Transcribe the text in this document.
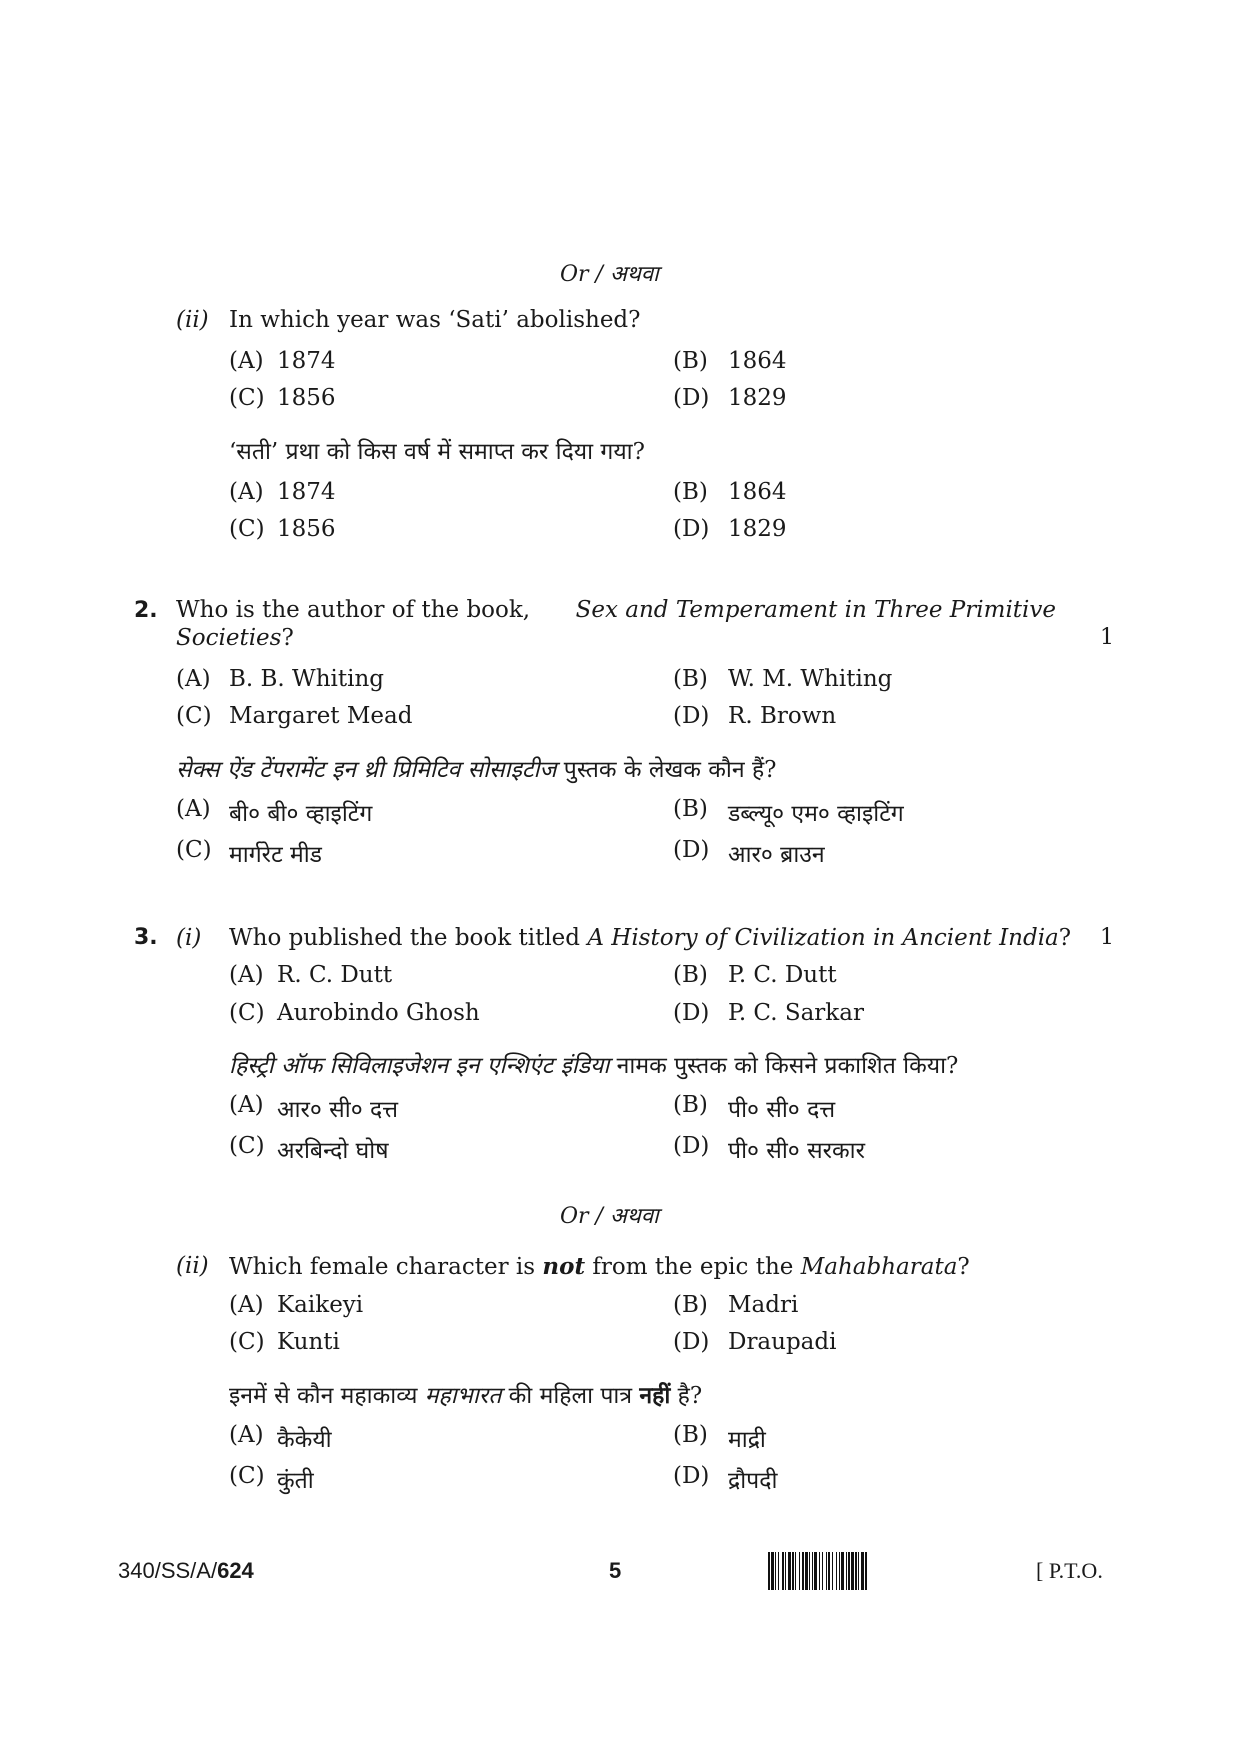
Or / अथवा
(ii) In which year was ‘Sati’ abolished?
(A) 1874	(B) 1864
(C) 1856	(D) 1829
‘सती’ प्रथा को किस वर्ष में समाप्त कर दिया गया?
(A) 1874	(B) 1864
(C) 1856	(D) 1829
2. Who is the author of the book, Sex and Temperament in Three Primitive
Societies?	1
(A) B. B. Whiting	(B) W. M. Whiting
(C) Margaret Mead	(D) R. Brown
सेक्स ऐंड टेंपरामेंट इन थ्री प्रिमिटिव सोसाइटीज पुस्तक के लेखक कौन हैं?
(A) बी० बी० व्हाइटिंग	(B) डब्ल्यू० एम० व्हाइटिंग
(C) मार्गरेट मीड	(D) आर० ब्राउन
3. (i) Who published the book titled A History of Civilization in Ancient India? 1
(A) R. C. Dutt	(B) P. C. Dutt
(C) Aurobindo Ghosh	(D) P. C. Sarkar
हिस्ट्री ऑफ सिविलाइजेशन इन एन्शिएंट इंडिया नामक पुस्तक को किसने प्रकाशित किया?
(A) आर० सी० दत्त	(B) पी० सी० दत्त
(C) अरबिन्दो घोष	(D) पी० सी० सरकार
Or / अथवा
(ii) Which female character is not from the epic the Mahabharata?
(A) Kaikeyi	(B) Madri
(C) Kunti	(D) Draupadi
इनमें से कौन महाकाव्य महाभारत की महिला पात्र नहीं है?
(A) कैकेयी	(B) माद्री
(C) कुंती	(D) द्रौपदी
340/SS/A/624	5	[ P.T.O.
